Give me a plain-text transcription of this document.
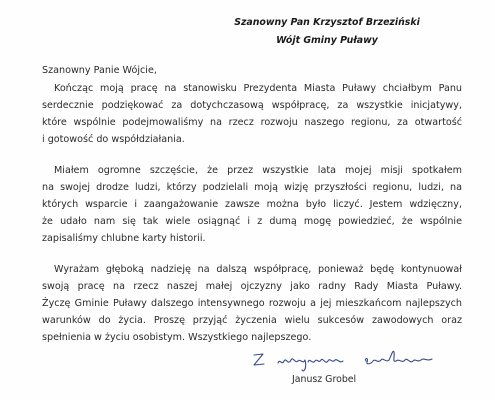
Szanowny Pan Krzysztof Brzeziński
Wójt Gminy Puławy
Szanowny Panie Wójcie,
Kończąc moją pracę na stanowisku Prezydenta Miasta Puławy chciałbym Panu
serdecznie podziękować za dotychczasową współpracę, za wszystkie inicjatywy,
które wspólnie podejmowaliśmy na rzecz rozwoju naszego regionu, za otwartość
i gotowość do współdziałania.
Miałem ogromne szczęście, że przez wszystkie lata mojej misji spotkałem
na swojej drodze ludzi, którzy podzielali moją wizję przyszłości regionu, ludzi, na
których wsparcie i zaangażowanie zawsze można było liczyć. Jestem wdzięczny,
że udało nam się tak wiele osiągnąć i z dumą mogę powiedzieć, że wspólnie
zapisaliśmy chlubne karty historii.
Wyrażam głęboką nadzieję na dalszą współpracę, ponieważ będę kontynuował
swoją pracę na rzecz naszej małej ojczyzny jako radny Rady Miasta Puławy.
Życzę Gminie Puławy dalszego intensywnego rozwoju a jej mieszkańcom najlepszych
warunków do życia. Proszę przyjąć życzenia wielu sukcesów zawodowych oraz
spełnienia w życiu osobistym. Wszystkiego najlepszego.
Janusz Grobel
